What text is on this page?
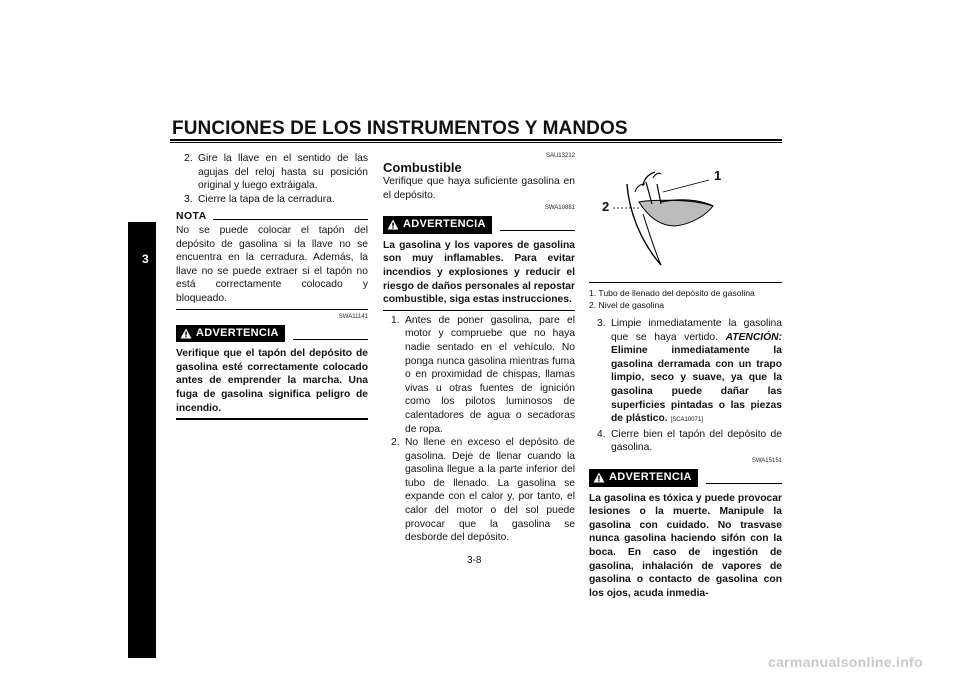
FUNCIONES DE LOS INSTRUMENTOS Y MANDOS
3
2. Gire la llave en el sentido de las agujas del reloj hasta su posición original y luego extráigala.
3. Cierre la tapa de la cerradura.
NOTA
No se puede colocar el tapón del depósito de gasolina si la llave no se encuentra en la cerradura. Además, la llave no se puede extraer si el tapón no está correctamente colocado y bloqueado.
SWA11141
ADVERTENCIA
Verifique que el tapón del depósito de gasolina esté correctamente colocado antes de emprender la marcha. Una fuga de gasolina significa peligro de incendio.
SAU13212
Combustible
Verifique que haya suficiente gasolina en el depósito.
SWA10881
ADVERTENCIA
La gasolina y los vapores de gasolina son muy inflamables. Para evitar incendios y explosiones y reducir el riesgo de daños personales al repostar combustible, siga estas instrucciones.
1. Antes de poner gasolina, pare el motor y compruebe que no haya nadie sentado en el vehículo. No ponga nunca gasolina mientras fuma o en proximidad de chispas, llamas vivas u otras fuentes de ignición como los pilotos luminosos de calentadores de agua o secadoras de ropa.
2. No llene en exceso el depósito de gasolina. Deje de llenar cuando la gasolina llegue a la parte inferior del tubo de llenado. La gasolina se expande con el calor y, por tanto, el calor del motor o del sol puede provocar que la gasolina se desborde del depósito.
1
2
1. Tubo de llenado del depósito de gasolina
2. Nivel de gasolina
3. Limpie inmediatamente la gasolina que se haya vertido. ATENCIÓN: Elimine inmediatamente la gasolina derramada con un trapo limpio, seco y suave, ya que la gasolina puede dañar las superficies pintadas o las piezas de plástico. [SCA10071]
4. Cierre bien el tapón del depósito de gasolina.
SWA15151
ADVERTENCIA
La gasolina es tóxica y puede provocar lesiones o la muerte. Manipule la gasolina con cuidado. No trasvase nunca gasolina haciendo sifón con la boca. En caso de ingestión de gasolina, inhalación de vapores de gasolina o contacto de gasolina con los ojos, acuda inmedia-
3-8
carmanualsonline.info
